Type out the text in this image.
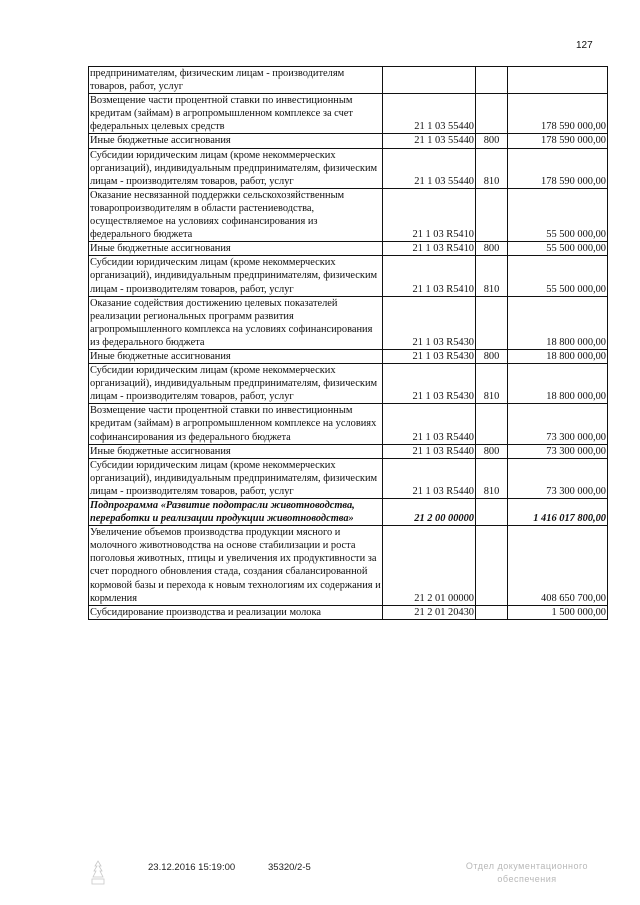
127
предпринимателям, физическим лицам - производителям товаров, работ, услуг			
Возмещение части процентной ставки по инвестиционным кредитам (займам) в агропромышленном комплексе за счет федеральных целевых средств	21 1 03 55440		178 590 000,00
Иные бюджетные ассигнования	21 1 03 55440	800	178 590 000,00
Субсидии юридическим лицам (кроме некоммерческих организаций), индивидуальным предпринимателям, физическим лицам - производителям товаров, работ, услуг	21 1 03 55440	810	178 590 000,00
Оказание несвязанной поддержки сельскохозяйственным товаропроизводителям в области растениеводства, осуществляемое на условиях софинансирования из федерального бюджета	21 1 03 R5410		55 500 000,00
Иные бюджетные ассигнования	21 1 03 R5410	800	55 500 000,00
Субсидии юридическим лицам (кроме некоммерческих организаций), индивидуальным предпринимателям, физическим лицам - производителям товаров, работ, услуг	21 1 03 R5410	810	55 500 000,00
Оказание содействия достижению целевых показателей реализации региональных программ развития агропромышленного комплекса на условиях софинансирования из федерального бюджета	21 1 03 R5430		18 800 000,00
Иные бюджетные ассигнования	21 1 03 R5430	800	18 800 000,00
Субсидии юридическим лицам (кроме некоммерческих организаций), индивидуальным предпринимателям, физическим лицам - производителям товаров, работ, услуг	21 1 03 R5430	810	18 800 000,00
Возмещение части процентной ставки по инвестиционным кредитам (займам) в агропромышленном комплексе на условиях софинансирования из федерального бюджета	21 1 03 R5440		73 300 000,00
Иные бюджетные ассигнования	21 1 03 R5440	800	73 300 000,00
Субсидии юридическим лицам (кроме некоммерческих организаций), индивидуальным предпринимателям, физическим лицам - производителям товаров, работ, услуг	21 1 03 R5440	810	73 300 000,00
Подпрограмма «Развитие подотрасли животноводства, переработки и реализации продукции животноводства»	21 2 00 00000		1 416 017 800,00
Увеличение объемов производства продукции мясного и молочного животноводства на основе стабилизации и роста поголовья животных, птицы и увеличения их продуктивности за счет породного обновления стада, создания сбалансированной кормовой базы и перехода к новым технологиям их содержания и кормления	21 2 01 00000		408 650 700,00
Субсидирование производства и реализации молока	21 2 01 20430		1 500 000,00
23.12.2016 15:19:00	35320/2-5	Отдел документационного
обеспечения
